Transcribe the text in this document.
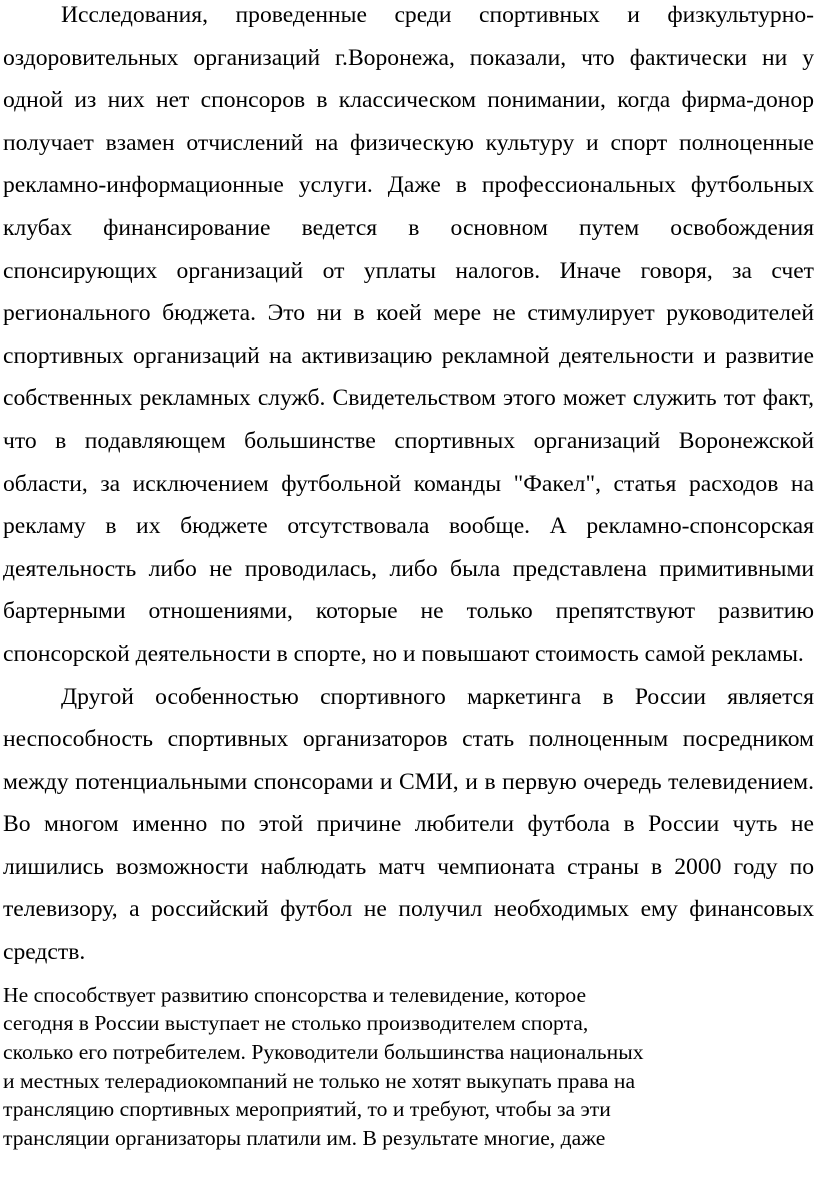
Исследования, проведенные среди спортивных и физкультурно-оздоровительных организаций г.Воронежа, показали, что фактически ни у одной из них нет спонсоров в классическом понимании, когда фирма-донор получает взамен отчислений на физическую культуру и спорт полноценные рекламно-информационные услуги. Даже в профессиональных футбольных клубах финансирование ведется в основном путем освобождения спонсирующих организаций от уплаты налогов. Иначе говоря, за счет регионального бюджета. Это ни в коей мере не стимулирует руководителей спортивных организаций на активизацию рекламной деятельности и развитие собственных рекламных служб. Свидетельством этого может служить тот факт, что в подавляющем большинстве спортивных организаций Воронежской области, за исключением футбольной команды "Факел", статья расходов на рекламу в их бюджете отсутствовала вообще. А рекламно-спонсорская деятельность либо не проводилась, либо была представлена примитивными бартерными отношениями, которые не только препятствуют развитию спонсорской деятельности в спорте, но и повышают стоимость самой рекламы.

Другой особенностью спортивного маркетинга в России является неспособность спортивных организаторов стать полноценным посредником между потенциальными спонсорами и СМИ, и в первую очередь телевидением. Во многом именно по этой причине любители футбола в России чуть не лишились возможности наблюдать матч чемпионата страны в 2000 году по телевизору, а российский футбол не получил необходимых ему финансовых средств.

Не способствует развитию спонсорства и телевидение, которое
сегодня в России выступает не столько производителем спорта,
сколько его потребителем. Руководители большинства национальных
и местных телерадиокомпаний не только не хотят выкупать права на
трансляцию спортивных мероприятий, то и требуют, чтобы за эти
трансляции организаторы платили им. В результате многие, даже
